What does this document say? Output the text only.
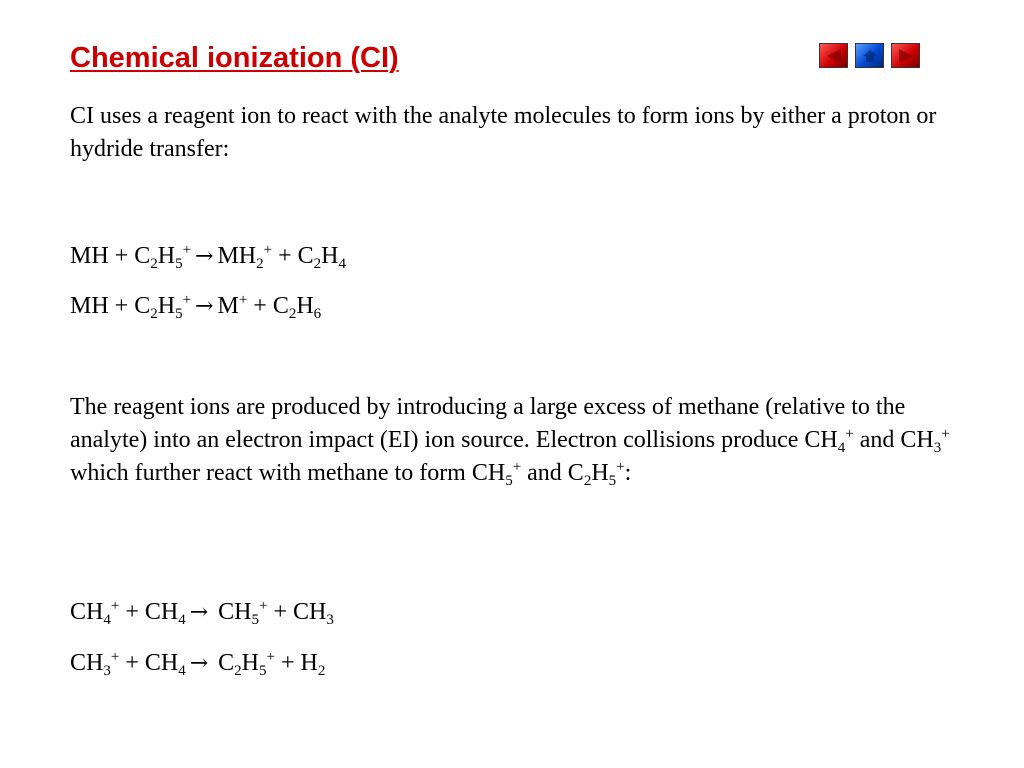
Chemical ionization (CI)

CI uses a reagent ion to react with the analyte molecules to form ions by either a proton or hydride transfer:

MH + $C_2H_5^+ \to MH_2^+ + C_2H_4$
MH + $C_2H_5^+ \to M^+ + C_2H_6$

The reagent ions are produced by introducing a large excess of methane (relative to the analyte) into an electron impact (EI) ion source. Electron collisions produce $CH_4^+$ and $CH_3^+$ which further react with methane to form $CH_5^+$ and $C_2H_5^+$:

$CH_4^+ + CH_4 \to CH_5^+ + CH_3$
$CH_3^+ + CH_4 \to C_2H_5^+ + H_2$
